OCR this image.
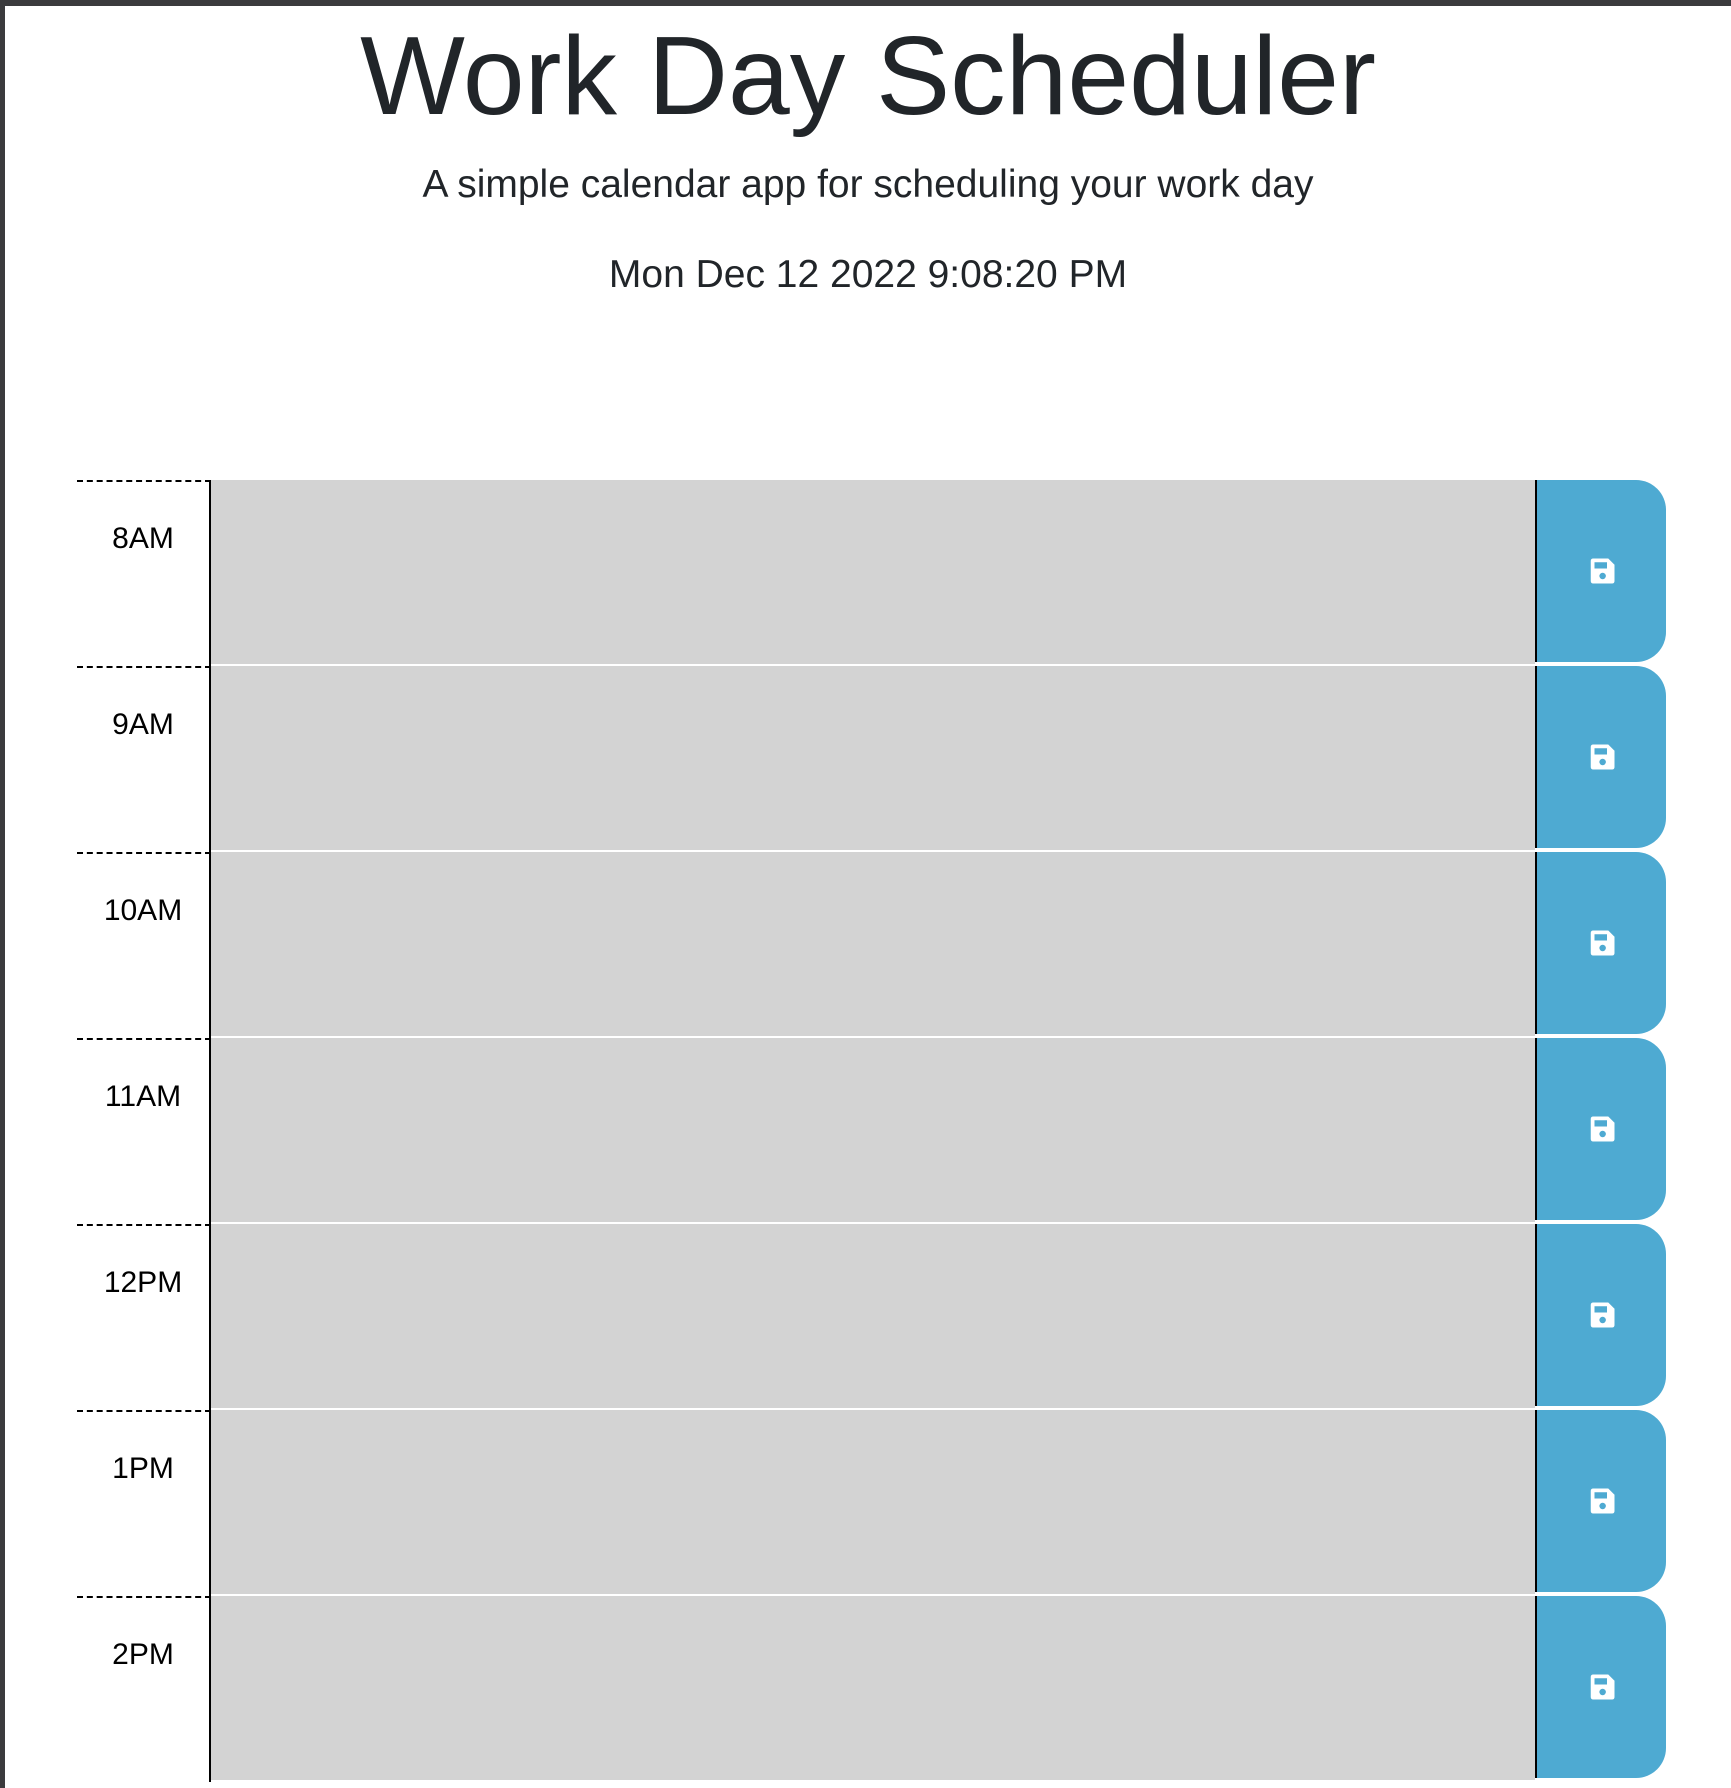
Work Day Scheduler

A simple calendar app for scheduling your work day

Mon Dec 12 2022 9:08:20 PM

8AM
9AM
10AM
11AM
12PM
1PM
2PM
